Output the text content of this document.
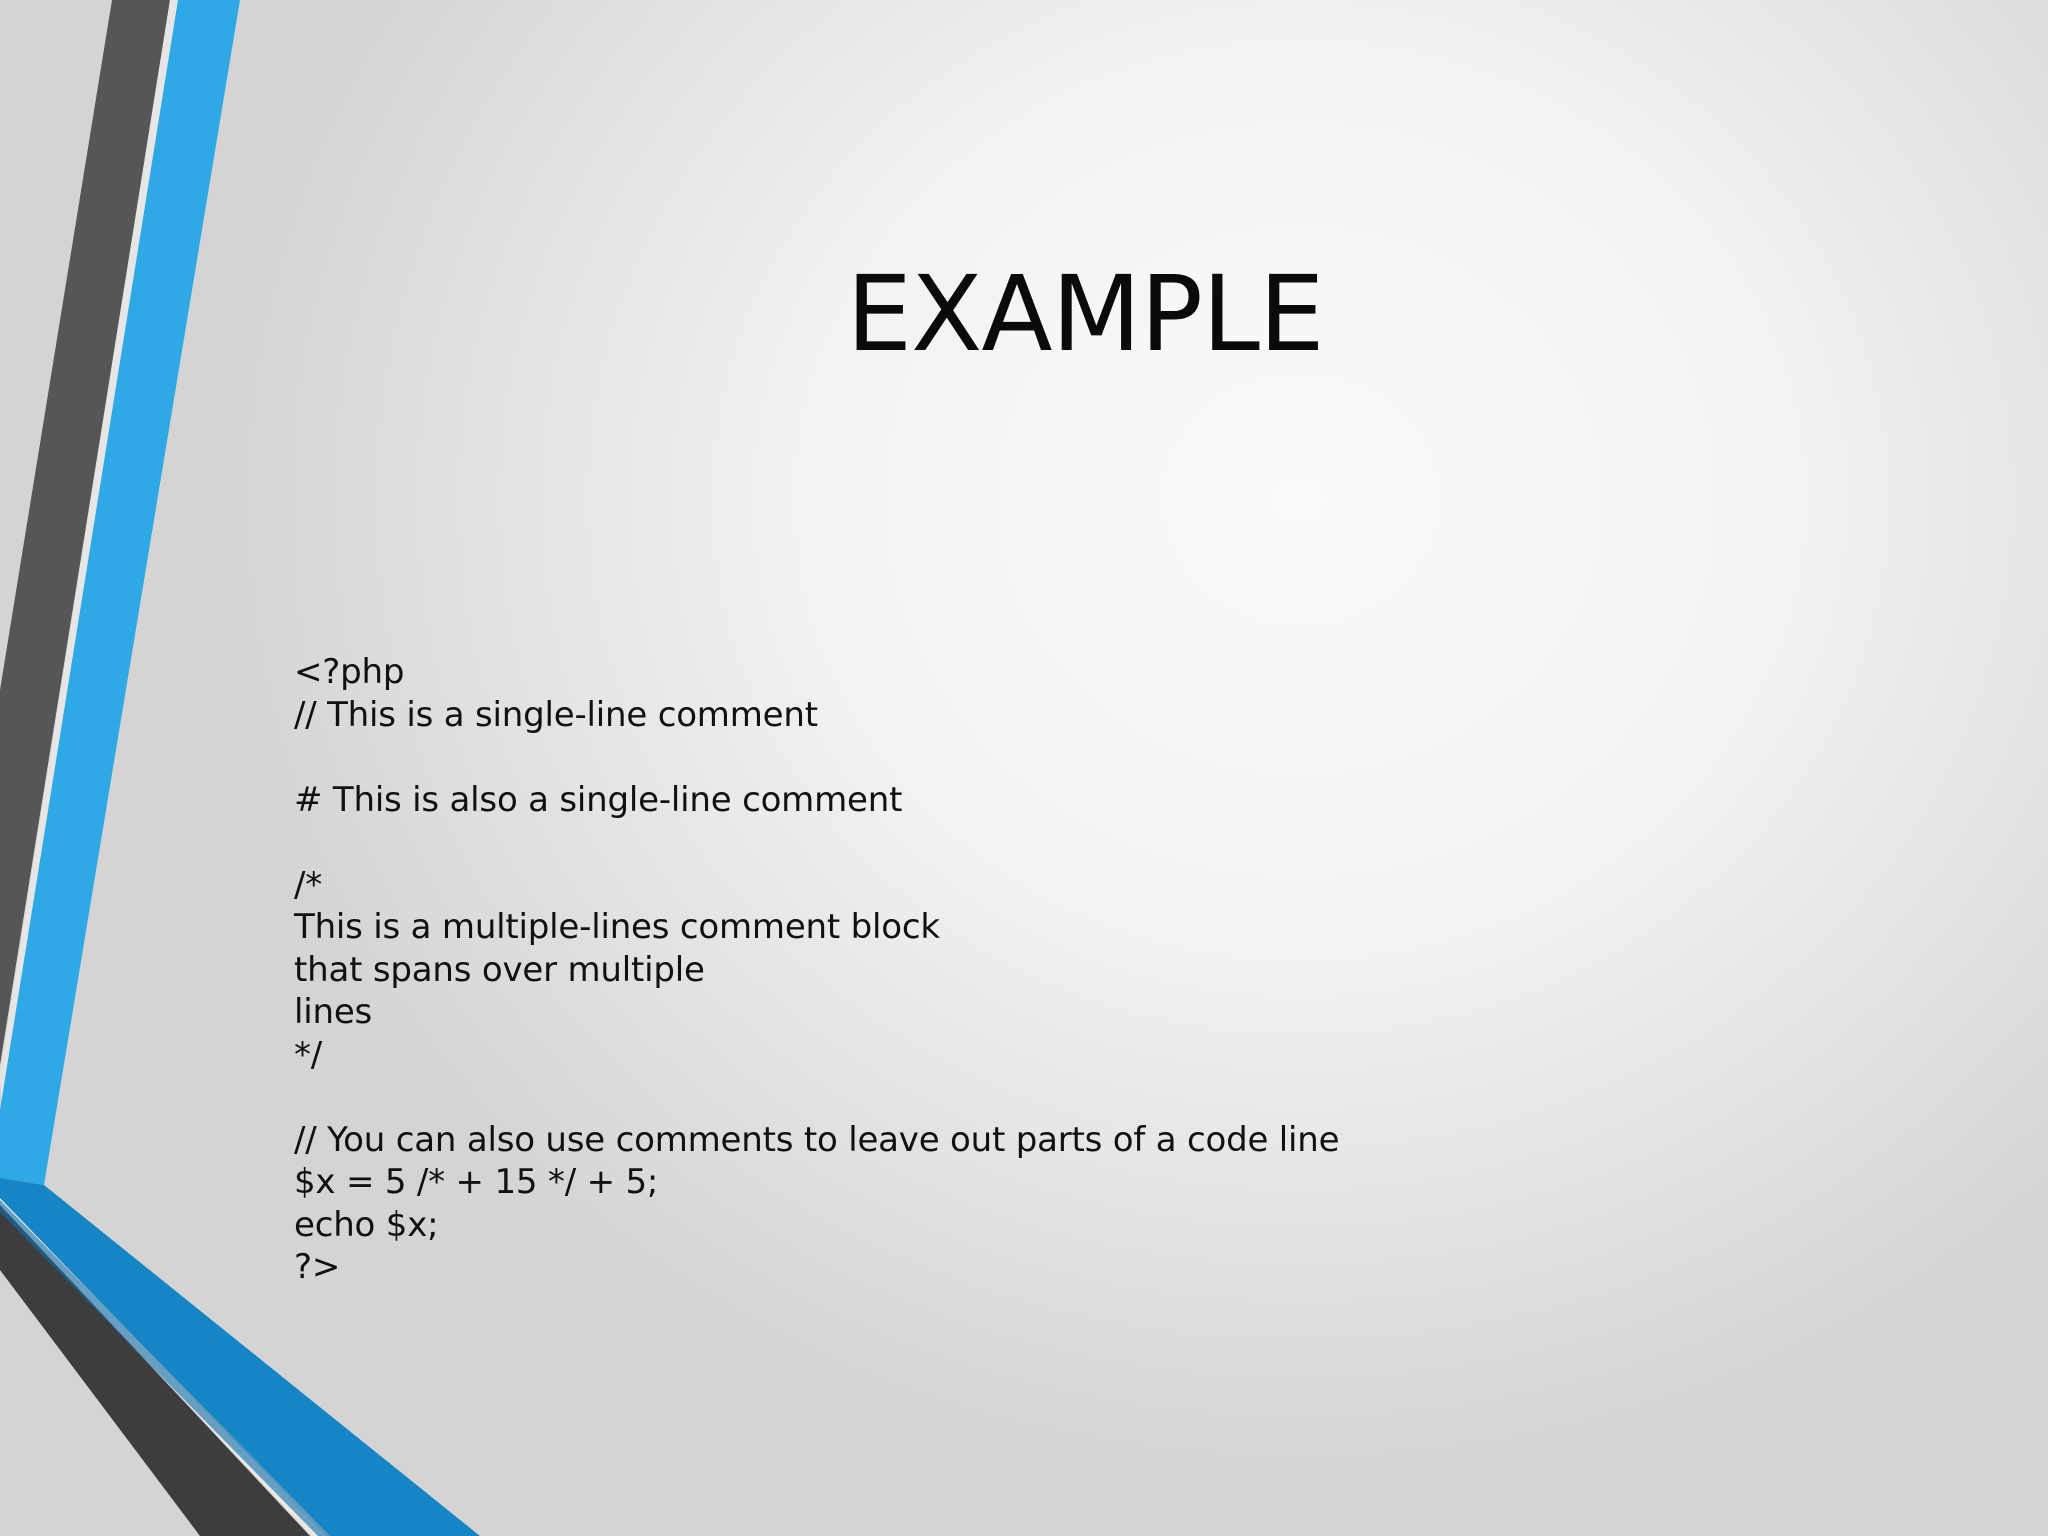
EXAMPLE
<?php
// This is a single-line comment
# This is also a single-line comment
/*
This is a multiple-lines comment block
that spans over multiple
lines
*/
// You can also use comments to leave out parts of a code line
$x = 5 /* + 15 */ + 5;
echo $x;
?>
